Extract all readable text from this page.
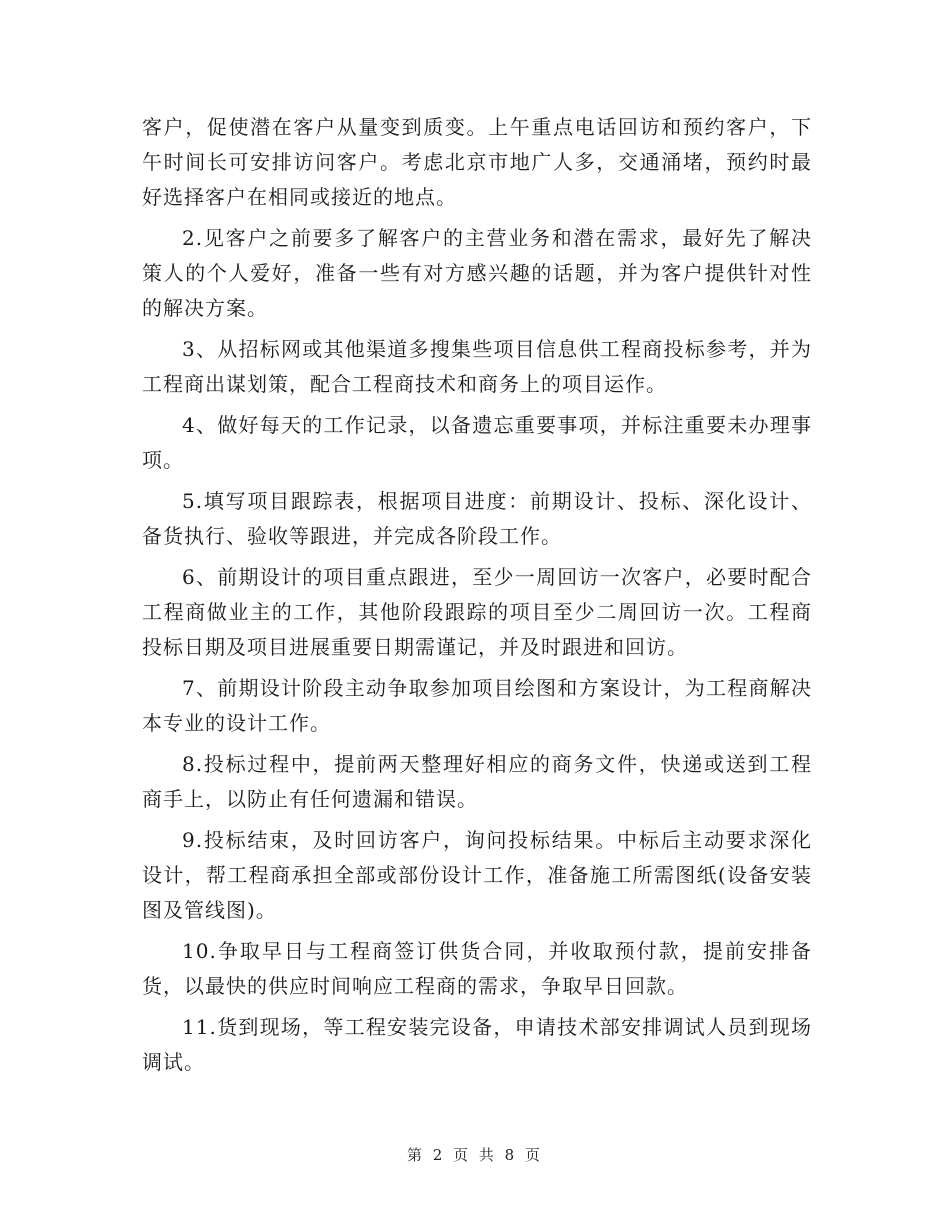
客户，促使潜在客户从量变到质变。上午重点电话回访和预约客户，下午时间长可安排访问客户。考虑北京市地广人多，交通涌堵，预约时最好选择客户在相同或接近的地点。

2.见客户之前要多了解客户的主营业务和潜在需求，最好先了解决策人的个人爱好，准备一些有对方感兴趣的话题，并为客户提供针对性的解决方案。

3、从招标网或其他渠道多搜集些项目信息供工程商投标参考，并为工程商出谋划策，配合工程商技术和商务上的项目运作。

4、做好每天的工作记录，以备遗忘重要事项，并标注重要未办理事项。

5.填写项目跟踪表，根据项目进度：前期设计、投标、深化设计、备货执行、验收等跟进，并完成各阶段工作。

6、前期设计的项目重点跟进，至少一周回访一次客户，必要时配合工程商做业主的工作，其他阶段跟踪的项目至少二周回访一次。工程商投标日期及项目进展重要日期需谨记，并及时跟进和回访。

7、前期设计阶段主动争取参加项目绘图和方案设计，为工程商解决本专业的设计工作。

8.投标过程中，提前两天整理好相应的商务文件，快递或送到工程商手上，以防止有任何遗漏和错误。

9.投标结束，及时回访客户，询问投标结果。中标后主动要求深化设计，帮工程商承担全部或部份设计工作，准备施工所需图纸(设备安装图及管线图)。

10.争取早日与工程商签订供货合同，并收取预付款，提前安排备货，以最快的供应时间响应工程商的需求，争取早日回款。

11.货到现场，等工程安装完设备，申请技术部安排调试人员到现场调试。

第 2 页 共 8 页
